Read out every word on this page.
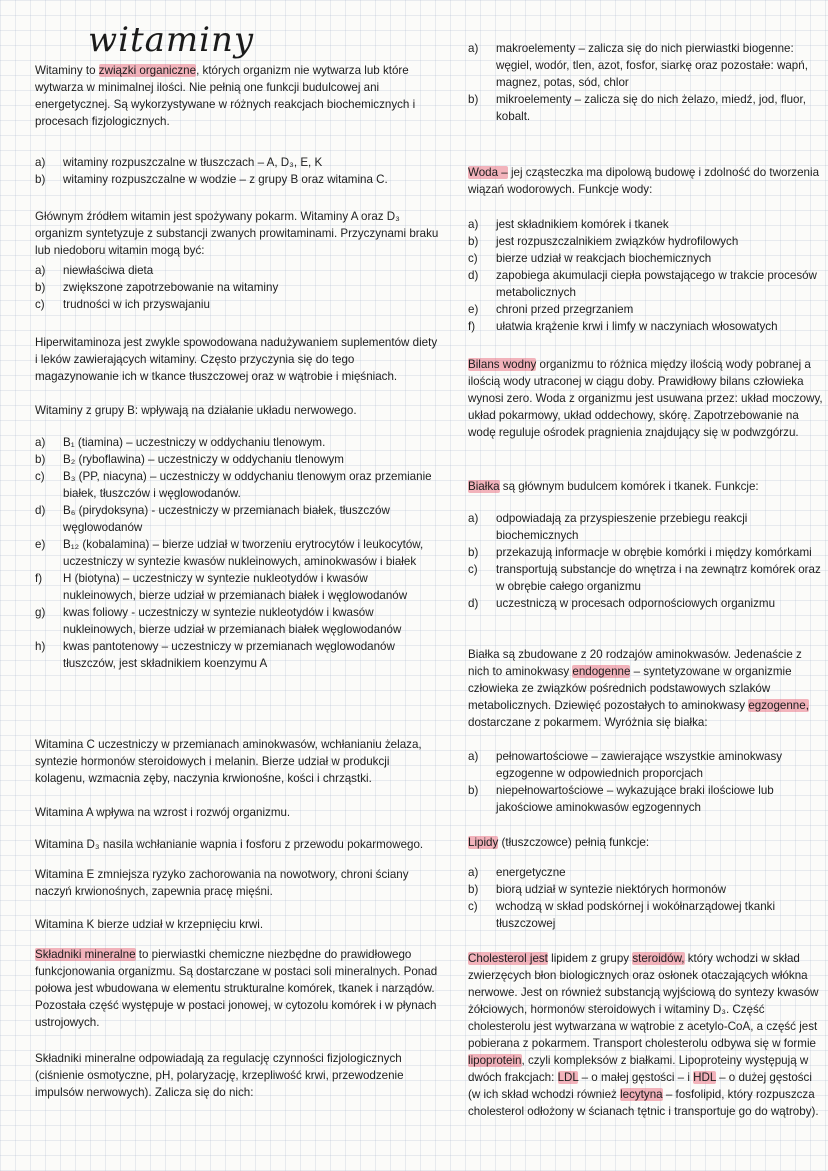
witaminy

Witaminy to związki organiczne, których organizm nie wytwarza lub które wytwarza w minimalnej ilości. Nie pełnią one funkcji budulcowej ani energetycznej. Są wykorzystywane w różnych reakcjach biochemicznych i procesach fizjologicznych.

a) witaminy rozpuszczalne w tłuszczach – A, D₃, E, K
b) witaminy rozpuszczalne w wodzie – z grupy B oraz witamina C.

Głównym źródłem witamin jest spożywany pokarm. Witaminy A oraz D₃ organizm syntetyzuje z substancji zwanych prowitaminami. Przyczynami braku lub niedoboru witamin mogą być:

a) niewłaściwa dieta
b) zwiększone zapotrzebowanie na witaminy
c) trudności w ich przyswajaniu

Hiperwitaminoza jest zwykle spowodowana nadużywaniem suplementów diety i leków zawierających witaminy. Często przyczynia się do tego magazynowanie ich w tkance tłuszczowej oraz w wątrobie i mięśniach.

Witaminy z grupy B: wpływają na działanie układu nerwowego.

a) B₁ (tiamina) – uczestniczy w oddychaniu tlenowym.
b) B₂ (ryboflawina) – uczestniczy w oddychaniu tlenowym
c) B₃ (PP, niacyna) – uczestniczy w oddychaniu tlenowym oraz przemianie białek, tłuszczów i węglowodanów.
d) B₆ (pirydoksyna) - uczestniczy w przemianach białek, tłuszczów węglowodanów
e) B₁₂ (kobalamina) – bierze udział w tworzeniu erytrocytów i leukocytów, uczestniczy w syntezie kwasów nukleinowych, aminokwasów i białek
f) H (biotyna) – uczestniczy w syntezie nukleotydów i kwasów nukleinowych, bierze udział w przemianach białek i węglowodanów
g) kwas foliowy - uczestniczy w syntezie nukleotydów i kwasów nukleinowych, bierze udział w przemianach białek węglowodanów
h) kwas pantotenowy – uczestniczy w przemianach węglowodanów tłuszczów, jest składnikiem koenzymu A

Witamina C uczestniczy w przemianach aminokwasów, wchłanianiu żelaza, syntezie hormonów steroidowych i melanin. Bierze udział w produkcji kolagenu, wzmacnia zęby, naczynia krwionośne, kości i chrząstki.

Witamina A wpływa na wzrost i rozwój organizmu.

Witamina D₃ nasila wchłanianie wapnia i fosforu z przewodu pokarmowego.

Witamina E zmniejsza ryzyko zachorowania na nowotwory, chroni ściany naczyń krwionośnych, zapewnia pracę mięśni.

Witamina K bierze udział w krzepnięciu krwi.

Składniki mineralne to pierwiastki chemiczne niezbędne do prawidłowego funkcjonowania organizmu. Są dostarczane w postaci soli mineralnych. Ponad połowa jest wbudowana w elementu strukturalne komórek, tkanek i narządów. Pozostała część występuje w postaci jonowej, w cytozolu komórek i w płynach ustrojowych.

Składniki mineralne odpowiadają za regulację czynności fizjologicznych (ciśnienie osmotyczne, pH, polaryzację, krzepliwość krwi, przewodzenie impulsów nerwowych). Zalicza się do nich:

a) makroelementy – zalicza się do nich pierwiastki biogenne: węgiel, wodór, tlen, azot, fosfor, siarkę oraz pozostałe: wapń, magnez, potas, sód, chlor
b) mikroelementy – zalicza się do nich żelazo, miedź, jod, fluor, kobalt.

Woda – jej cząsteczka ma dipolową budowę i zdolność do tworzenia wiązań wodorowych. Funkcje wody:

a) jest składnikiem komórek i tkanek
b) jest rozpuszczalnikiem związków hydrofilowych
c) bierze udział w reakcjach biochemicznych
d) zapobiega akumulacji ciepła powstającego w trakcie procesów metabolicznych
e) chroni przed przegrzaniem
f) ułatwia krążenie krwi i limfy w naczyniach włosowatych

Bilans wodny organizmu to różnica między ilością wody pobranej a ilością wody utraconej w ciągu doby. Prawidłowy bilans człowieka wynosi zero. Woda z organizmu jest usuwana przez: układ moczowy, układ pokarmowy, układ oddechowy, skórę. Zapotrzebowanie na wodę reguluje ośrodek pragnienia znajdujący się w podwzgórzu.

Białka są głównym budulcem komórek i tkanek. Funkcje:

a) odpowiadają za przyspieszenie przebiegu reakcji biochemicznych
b) przekazują informacje w obrębie komórki i między komórkami
c) transportują substancje do wnętrza i na zewnątrz komórek oraz w obrębie całego organizmu
d) uczestniczą w procesach odpornościowych organizmu

Białka są zbudowane z 20 rodzajów aminokwasów. Jedenaście z nich to aminokwasy endogenne – syntetyzowane w organizmie człowieka ze związków pośrednich podstawowych szlaków metabolicznych. Dziewięć pozostałych to aminokwasy egzogenne, dostarczane z pokarmem. Wyróżnia się białka:

a) pełnowartościowe – zawierające wszystkie aminokwasy egzogenne w odpowiednich proporcjach
b) niepełnowartościowe – wykazujące braki ilościowe lub jakościowe aminokwasów egzogennych

Lipidy (tłuszczowce) pełnią funkcje:

a) energetyczne
b) biorą udział w syntezie niektórych hormonów
c) wchodzą w skład podskórnej i wokółnarządowej tkanki tłuszczowej

Cholesterol jest lipidem z grupy steroidów, który wchodzi w skład zwierzęcych błon biologicznych oraz osłonek otaczających włókna nerwowe. Jest on również substancją wyjściową do syntezy kwasów żółciowych, hormonów steroidowych i witaminy D₃. Część cholesterolu jest wytwarzana w wątrobie z acetylo-CoA, a część jest pobierana z pokarmem. Transport cholesterolu odbywa się w formie lipoprotein, czyli kompleksów z białkami. Lipoproteiny występują w dwóch frakcjach: LDL – o małej gęstości – i HDL – o dużej gęstości (w ich skład wchodzi również lecytyna – fosfolipid, który rozpuszcza cholesterol odłożony w ścianach tętnic i transportuje go do wątroby).
